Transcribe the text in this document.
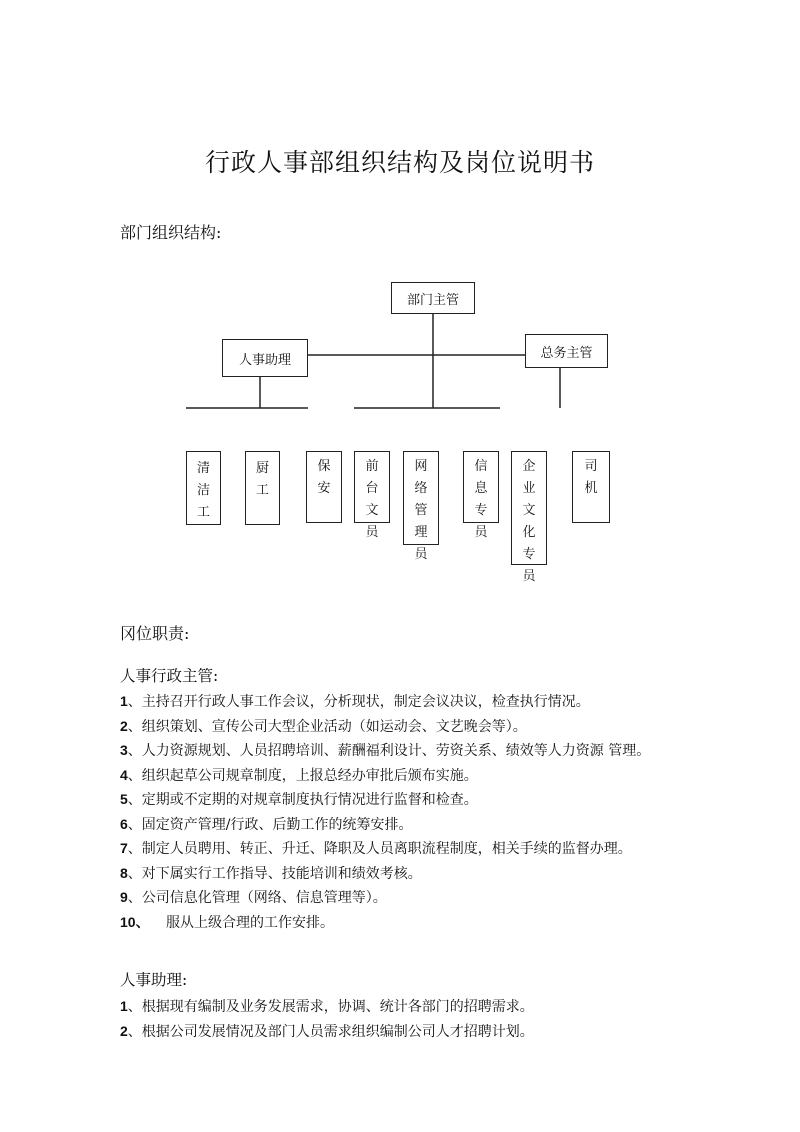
行政人事部组织结构及岗位说明书

部门组织结构:

部门主管
人事助理	总务主管
清
洁
工
厨
工
保
安
前
台
文
员
网
络
管
理
员
信
息
专
员
企
业
文
化
专
员
司
机

冈位职责:

人事行政主管:

1、主持召开行政人事工作会议，分析现状，制定会议决议，检查执行情况。
2、组织策划、宣传公司大型企业活动（如运动会、文艺晚会等）。
3、人力资源规划、人员招聘培训、薪酬福利设计、劳资关系、绩效等人力资源 管理。
4、组织起草公司规章制度，上报总经办审批后颁布实施。
5、定期或不定期的对规章制度执行情况进行监督和检查。
6、固定资产管理/行政、后勤工作的统筹安排。
7、制定人员聘用、转正、升迁、降职及人员离职流程制度，相关手续的监督办理。
8、对下属实行工作指导、技能培训和绩效考核。
9、公司信息化管理（网络、信息管理等）。
10、 服从上级合理的工作安排。

人事助理:

1、根据现有编制及业务发展需求，协调、统计各部门的招聘需求。
2、根据公司发展情况及部门人员需求组织编制公司人才招聘计划。
